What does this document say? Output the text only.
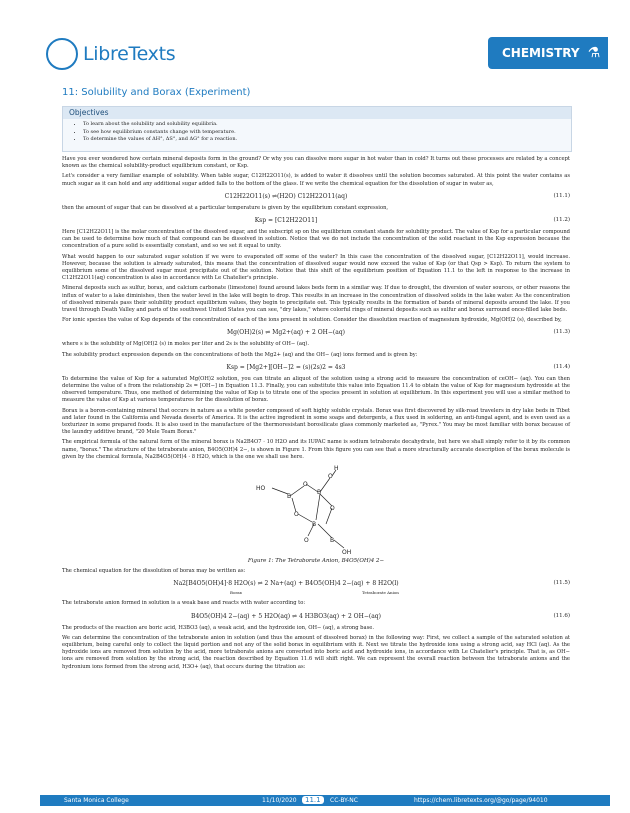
LibreTexts	CHEMISTRY ⚗
11: Solubility and Borax (Experiment)
Objectives
• To learn about the solubility and solubility equilibria.
• To see how equilibrium constants change with temperature.
• To determine the values of ΔH°, ΔS°, and ΔG° for a reaction.

Have you ever wondered how certain mineral deposits form in the ground? Or why you can dissolve more sugar in hot water than in cold? It turns out these processes are related by a concept known as the chemical solubility-product equilibrium constant, or Ksp.

Let's consider a very familiar example of solubility. When table sugar, C12H22O11(s), is added to water it dissolves until the solution becomes saturated. At this point the water contains as much sugar as it can hold and any additional sugar added falls to the bottom of the glass. If we write the chemical equation for the dissolution of sugar in water as,

C12H22O11(s) ⇌(H2O) C12H22O11(aq)	(11.1)

then the amount of sugar that can be dissolved at a particular temperature is given by the equilibrium constant expression,

Ksp = [C12H22O11]	(11.2)

Here [C12H22O11] is the molar concentration of the dissolved sugar, and the subscript sp on the equilibrium constant stands for solubility product. The value of Ksp for a particular compound can be used to determine how much of that compound can be dissolved in solution. Notice that we do not include the concentration of the solid reactant in the Ksp expression because the concentration of a pure solid is essentially constant, and so we set it equal to unity.

What would happen to our saturated sugar solution if we were to evaporated off some of the water? In this case the concentration of the dissolved sugar, [C12H22O11], would increase. However, because the solution is already saturated, this means that the concentration of dissolved sugar would now exceed the value of Ksp (or that Qsp > Ksp). To return the system to equilibrium some of the dissolved sugar must precipitate out of the solution. Notice that this shift of the equilibrium position of Equation 11.1 to the left in response to the increase in C12H22O11(aq) concentration is also in accordance with Le Chatelier's principle.

Mineral deposits such as sulfur, borax, and calcium carbonate (limestone) found around lakes beds form in a similar way. If due to drought, the diversion of water sources, or other reasons the influx of water to a lake diminishes, then the water level in the lake will begin to drop. This results in an increase in the concentration of dissolved solids in the lake water. As the concentration of dissolved minerals pass their solubility product equilibrium values, they begin to precipitate out. This typically results in the formation of bands of mineral deposits around the lake. If you travel through Death Valley and parts of the southwest United States you can see, "dry lakes," where colorful rings of mineral deposits such as sulfur and borax surround once-filled lake beds.

For ionic species the value of Ksp depends of the concentration of each of the ions present in solution. Consider the dissolution reaction of magnesium hydroxide, Mg(OH)2 (s), described by,

Mg(OH)2(s) ⇌ Mg2+(aq) + 2 OH−(aq)	(11.3)

where s is the solubility of Mg(OH)2 (s) in moles per liter and 2s is the solubility of OH− (aq).

The solubility product expression depends on the concentrations of both the Mg2+ (aq) and the OH− (aq) ions formed and is given by:

Ksp = [Mg2+][OH−]2 = (s)(2s)2 = 4s3	(11.4)

To determine the value of Ksp for a saturated Mg(OH)2 solution, you can titrate an aliquot of the solution using a strong acid to measure the concentration of ceOH− (aq). You can then determine the value of s from the relationship 2s = [OH−] in Equation 11.3. Finally, you can substitute this value into Equation 11.4 to obtain the value of Ksp for magnesium hydroxide at the observed temperature. Thus, one method of determining the value of Ksp is to titrate one of the species present in solution at equilibrium. In this experiment you will use a similar method to measure the value of Ksp at various temperatures for the dissolution of borax.

Borax is a boron-containing mineral that occurs in nature as a white powder composed of soft highly soluble crystals. Borax was first discovered by silk-road travelers in dry lake beds in Tibet and later found in the California and Nevada deserts of America. It is the active ingredient in some soaps and detergents, a flux used in soldering, an anti-fungal agent, and is even used as a texturizer in some prepared foods. It is also used in the manufacture of the thermoresistant borosilicate glass commonly marketed as, "Pyrex." You may be most familiar with borax because of the laundry additive brand, "20 Mule Team Borax."

The empirical formula of the natural form of the mineral borax is Na2B4O7 · 10 H2O and its IUPAC name is sodium tetraborate decahydrate, but here we shall simply refer to it by its common name, "borax." The structure of the tetraborate anion, B4O5(OH)4 2−, is shown in Figure 1. From this figure you can see that a more structurally accurate description of the borax molecule is given by the chemical formula, Na2B4O5(OH)4 · 8 H2O, which is the one we shall use here.

HO
B
O
B
O
H
O
B
O
B
O
OH
Figure 1: The Tetraborate Anion, B4O5(OH)4 2−

The chemical equation for the dissolution of borax may be written as:

Na2[B4O5(OH)4]·8 H2O(s) ⇌ 2 Na+(aq) + B4O5(OH)4 2−(aq) + 8 H2O(l)	(11.5)
Borax	Tetraborate Anion

The tetraborate anion formed in solution is a weak base and reacts with water according to:

B4O5(OH)4 2−(aq) + 5 H2O(aq) ⇌ 4 H3BO3(aq) + 2 OH−(aq)	(11.6)

The products of the reaction are boric acid, H3BO3 (aq), a weak acid, and the hydroxide ion, OH− (aq), a strong base.

We can determine the concentration of the tetraborate anion in solution (and thus the amount of dissolved borax) in the following way: First, we collect a sample of the saturated solution at equilibrium, being careful only to collect the liquid portion and not any of the solid borax in equilibrium with it. Next we titrate the hydroxide ions using a strong acid, say HCl (aq). As the hydroxide ions are removed from solution by the acid, more tetraborate anions are converted into boric acid and hydroxide ions, in accordance with Le Chatelier's principle. That is, as OH− ions are removed from solution by the strong acid, the reaction described by Equation 11.6 will shift right. We can represent the overall reaction between the tetraborate anions and the hydronium ions formed from the strong acid, H3O+ (aq), that occurs during the titration as:

Santa Monica College	11/10/2020	11.1	CC-BY-NC	https://chem.libretexts.org/@go/page/94010
